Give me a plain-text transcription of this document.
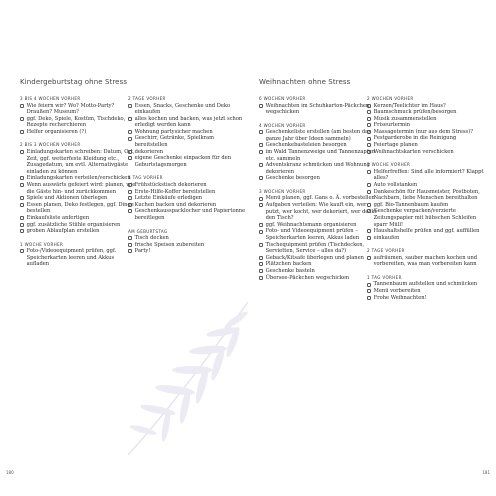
Kindergeburtstag ohne Stress	Weihnachten ohne Stress
3 BIS 4 WOCHEN VORHER
Wie feiern wir? Wo? Motto-Party? Draußen? Museum?
ggf. Deko, Spiele, Kostüm, Tischdeko, Rezepte recherchieren
Helfer organisieren (?)
2 BIS 3 WOCHEN VORHER
Einladungskarten schreiben: Datum, Ort, Zeit, ggf. wetterfeste Kleidung etc., Zusagedatum, um evtl. Alternativgäste einladen zu können
Einladungskarten verteilen/verschicken
Wenn auswärts gefeiert wird: planen, wie die Gäste hin- und zurückkommen
Spiele und Aktionen überlegen
Essen planen, Deko festlegen, ggf. Dinge bestellen
Einkaufsliste anfertigen
ggf. zusätzliche Stühle organisieren
groben Ablaufplan erstellen
1 WOCHE VORHER
Foto-/Videoequipment prüfen, ggf. Speicherkarten leeren und Akkus aufladen
2 TAGE VORHER
Essen, Snacks, Geschenke und Deko einkaufen
alles kochen und backen, was jetzt schon erledigt werden kann
Wohnung partysicher machen
Geschirr, Getränke, Spielkram bereitstellen
dekorieren
eigene Geschenke einpacken für den Geburtstagsmorgen
1 TAG VORHER
Frühstückstisch dekorieren
Erste-Hilfe-Koffer bereitstellen
Letzte Einkäufe erledigen
Kuchen backen und dekorieren
Geschenkausspacklocher und Papiertonne bereitlegen
AM GEBURTSTAG
Tisch decken
frische Speisen zubereiten
Party!
6 WOCHEN VORHER
Weihnachten im Schuhkarton-Päckchen wegschicken
4 WOCHEN VORHER
Geschenkeliste erstellen (am besten das ganze Jahr über Ideen sammeln)
Geschenkebasteleien besorgen
im Wald Tannenzweige und Tannenzapfen etc. sammeln
Adventskranz schmücken und Wohnung dekorieren
Geschenke besorgen
3 WOCHEN VORHER
Menü planen, ggf. Gans o. Ä. vorbestellen
Aufgaben verteilen: Wie kauft ein, wer putzt, wer kocht, wer dekoriert, wer deckt den Tisch?
ggf. Weihnachtsmann organisieren
Foto- und Videoequipment prüfen – Speicherkarten leeren, Akkus laden
Tischequipment prüfen (Tischdecken, Servietten, Service – alles da?)
Geback/Kitsafe überlegen und planen
Plätzchen backen
Geschenke basteln
Übersee-Päckchen wegschicken
2 WOCHEN VORHER
Kerzen/Teelichter im Haus?
Baumschmuck prüfen/besorgen
Musik zusammenstellen
Friseurtermin
Massagetermin (nur aus dem Stress)?
Festgarderobe in die Reinigung
Feiertage planen
Weihnachtskarten verschicken
1 WOCHE VORHER
Helferfreffen: Sind alle informiert? Klappt alles?
Auto vollstanken
Dankeschön für Hausmeister, Postboten, Nachbarn, liebe Menschen bereithalten
ggf. Bio-Tannenbaum kaufen
Geschenke verpacken/verzierte Zeitungspapier mit hübschen Schleifen sparr Müll!
Haushaltshelfe prüfen und ggf. auffüllen
einkaufen
2 TAGE VORHER
aufräumen, sauber machen kochen und vorbereiten, was man vorbereiten kann
1 TAG VORHER
Tannenbaum aufstellen und schmücken
Menü vorbereiten
Frohe Weihnachten!
180	181
